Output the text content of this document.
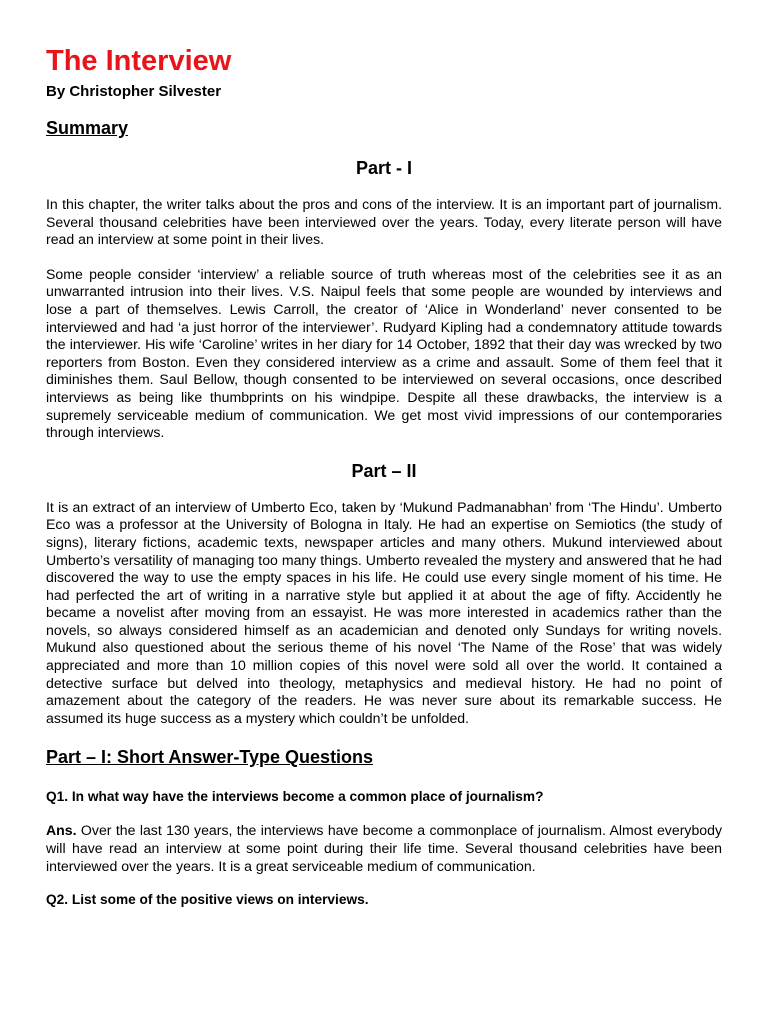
The Interview
By Christopher Silvester
Summary
Part - I

In this chapter, the writer talks about the pros and cons of the interview. It is an important part of journalism. Several thousand celebrities have been interviewed over the years. Today, every literate person will have read an interview at some point in their lives.

Some people consider ‘interview’ a reliable source of truth whereas most of the celebrities see it as an unwarranted intrusion into their lives. V.S. Naipul feels that some people are wounded by interviews and lose a part of themselves. Lewis Carroll, the creator of ‘Alice in Wonderland’ never consented to be interviewed and had ‘a just horror of the interviewer’. Rudyard Kipling had a condemnatory attitude towards the interviewer. His wife ‘Caroline’ writes in her diary for 14 October, 1892 that their day was wrecked by two reporters from Boston. Even they considered interview as a crime and assault. Some of them feel that it diminishes them. Saul Bellow, though consented to be interviewed on several occasions, once described interviews as being like thumbprints on his windpipe. Despite all these drawbacks, the interview is a supremely serviceable medium of communication. We get most vivid impressions of our contemporaries through interviews.

Part – II

It is an extract of an interview of Umberto Eco, taken by ‘Mukund Padmanabhan’ from ‘The Hindu’. Umberto Eco was a professor at the University of Bologna in Italy. He had an expertise on Semiotics (the study of signs), literary fictions, academic texts, newspaper articles and many others. Mukund interviewed about Umberto’s versatility of managing too many things. Umberto revealed the mystery and answered that he had discovered the way to use the empty spaces in his life. He could use every single moment of his time. He had perfected the art of writing in a narrative style but applied it at about the age of fifty. Accidently he became a novelist after moving from an essayist. He was more interested in academics rather than the novels, so always considered himself as an academician and denoted only Sundays for writing novels. Mukund also questioned about the serious theme of his novel ‘The Name of the Rose’ that was widely appreciated and more than 10 million copies of this novel were sold all over the world. It contained a detective surface but delved into theology, metaphysics and medieval history. He had no point of amazement about the category of the readers. He was never sure about its remarkable success. He assumed its huge success as a mystery which couldn’t be unfolded.

Part – I: Short Answer-Type Questions
Q1. In what way have the interviews become a common place of journalism?

Ans. Over the last 130 years, the interviews have become a commonplace of journalism. Almost everybody will have read an interview at some point during their life time. Several thousand celebrities have been interviewed over the years. It is a great serviceable medium of communication.

Q2. List some of the positive views on interviews.
